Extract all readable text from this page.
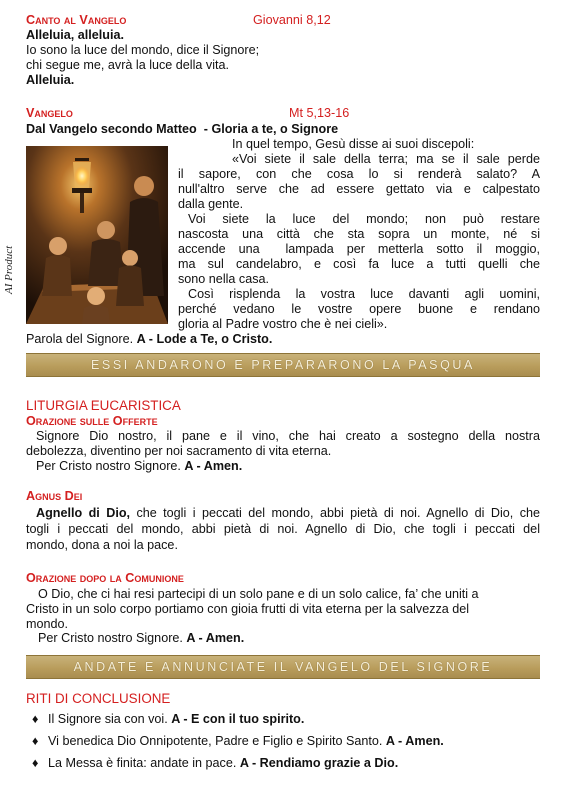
Canto al Vangelo	Giovanni 8,12
Alleluia, alleluia.
Io sono la luce del mondo, dice il Signore;
chi segue me, avrà la luce della vita.
Alleluia.
Vangelo	Mt 5,13-16
Dal Vangelo secondo Matteo  - Gloria a te, o Signore
AI Product
In quel tempo, Gesù disse ai suoi discepoli:
«Voi siete il sale della terra; ma se il sale perde
il sapore, con che cosa lo si renderà salato? A
null'altro serve che ad essere gettato via e calpestato
dalla gente.
Voi siete la luce del mondo; non può restare
nascosta una città che sta sopra un monte, né si
accende una  lampada per metterla sotto il moggio,
ma sul candelabro, e così fa luce a tutti quelli che
sono nella casa.
Così risplenda la vostra luce davanti agli uomini,
perché vedano le vostre opere buone e rendano
gloria al Padre vostro che è nei cieli».
Parola del Signore. A - Lode a Te, o Cristo.
ESSI ANDARONO E PREPARARONO LA PASQUA
LITURGIA EUCARISTICA
Orazione sulle Offerte
Signore Dio nostro, il pane e il vino, che hai creato a sostegno della nostra
debolezza, diventino per noi sacramento di vita eterna.
Per Cristo nostro Signore. A - Amen.
Agnus Dei
Agnello di Dio, che togli i peccati del mondo, abbi pietà di noi. Agnello di Dio, che
togli i peccati del mondo, abbi pietà di noi. Agnello di Dio, che togli i peccati del
mondo, dona a noi la pace.
Orazione dopo la Comunione
O Dio, che ci hai resi partecipi di un solo pane e di un solo calice, fa’ che uniti a
Cristo in un solo corpo portiamo con gioia frutti di vita eterna per la salvezza del
mondo.
Per Cristo nostro Signore. A - Amen.
ANDATE E ANNUNCIATE IL VANGELO DEL SIGNORE
RITI DI CONCLUSIONE
♦ Il Signore sia con voi. A - E con il tuo spirito.
♦ Vi benedica Dio Onnipotente, Padre e Figlio e Spirito Santo. A - Amen.
♦ La Messa è finita: andate in pace. A - Rendiamo grazie a Dio.
